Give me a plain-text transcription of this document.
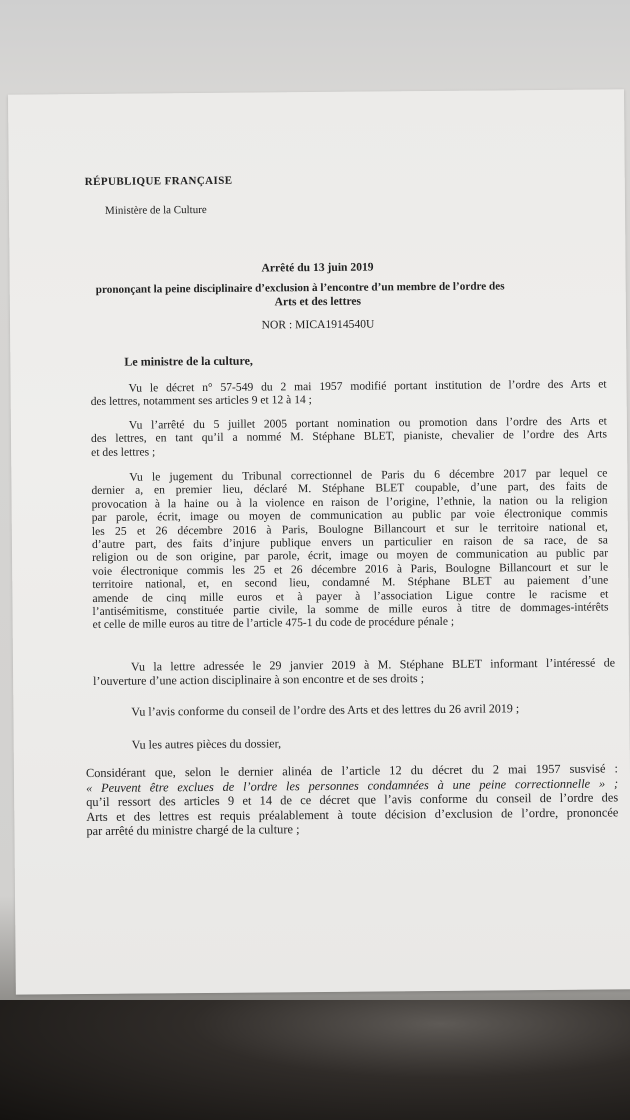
RÉPUBLIQUE FRANÇAISE
Ministère de la Culture
Arrêté du 13 juin 2019
prononçant la peine disciplinaire d’exclusion à l’encontre d’un membre de l’ordre des
Arts et des lettres
NOR : MICA1914540U
Le ministre de la culture,
Vu le décret n° 57-549 du 2 mai 1957 modifié portant institution de l’ordre des Arts et
des lettres, notamment ses articles 9 et 12 à 14 ;
Vu l’arrêté du 5 juillet 2005 portant nomination ou promotion dans l’ordre des Arts et
des lettres, en tant qu’il a nommé M. Stéphane BLET, pianiste, chevalier de l’ordre des Arts
et des lettres ;
Vu le jugement du Tribunal correctionnel de Paris du 6 décembre 2017 par lequel ce
dernier a, en premier lieu, déclaré M. Stéphane BLET coupable, d’une part, des faits de
provocation à la haine ou à la violence en raison de l’origine, l’ethnie, la nation ou la religion
par parole, écrit, image ou moyen de communication au public par voie électronique commis
les 25 et 26 décembre 2016 à Paris, Boulogne Billancourt et sur le territoire national et,
d’autre part, des faits d’injure publique envers un particulier en raison de sa race, de sa
religion ou de son origine, par parole, écrit, image ou moyen de communication au public par
voie électronique commis les 25 et 26 décembre 2016 à Paris, Boulogne Billancourt et sur le
territoire national, et, en second lieu, condamné M. Stéphane BLET au paiement d’une
amende de cinq mille euros et à payer à l’association Ligue contre le racisme et
l’antisémitisme, constituée partie civile, la somme de mille euros à titre de dommages-intérêts
et celle de mille euros au titre de l’article 475-1 du code de procédure pénale ;
Vu la lettre adressée le 29 janvier 2019 à M. Stéphane BLET informant l’intéressé de
l’ouverture d’une action disciplinaire à son encontre et de ses droits ;
Vu l’avis conforme du conseil de l’ordre des Arts et des lettres du 26 avril 2019 ;
Vu les autres pièces du dossier,
Considérant que, selon le dernier alinéa de l’article 12 du décret du 2 mai 1957 susvisé :
« Peuvent être exclues de l’ordre les personnes condamnées à une peine correctionnelle » ;
qu’il ressort des articles 9 et 14 de ce décret que l’avis conforme du conseil de l’ordre des
Arts et des lettres est requis préalablement à toute décision d’exclusion de l’ordre, prononcée
par arrêté du ministre chargé de la culture ;
